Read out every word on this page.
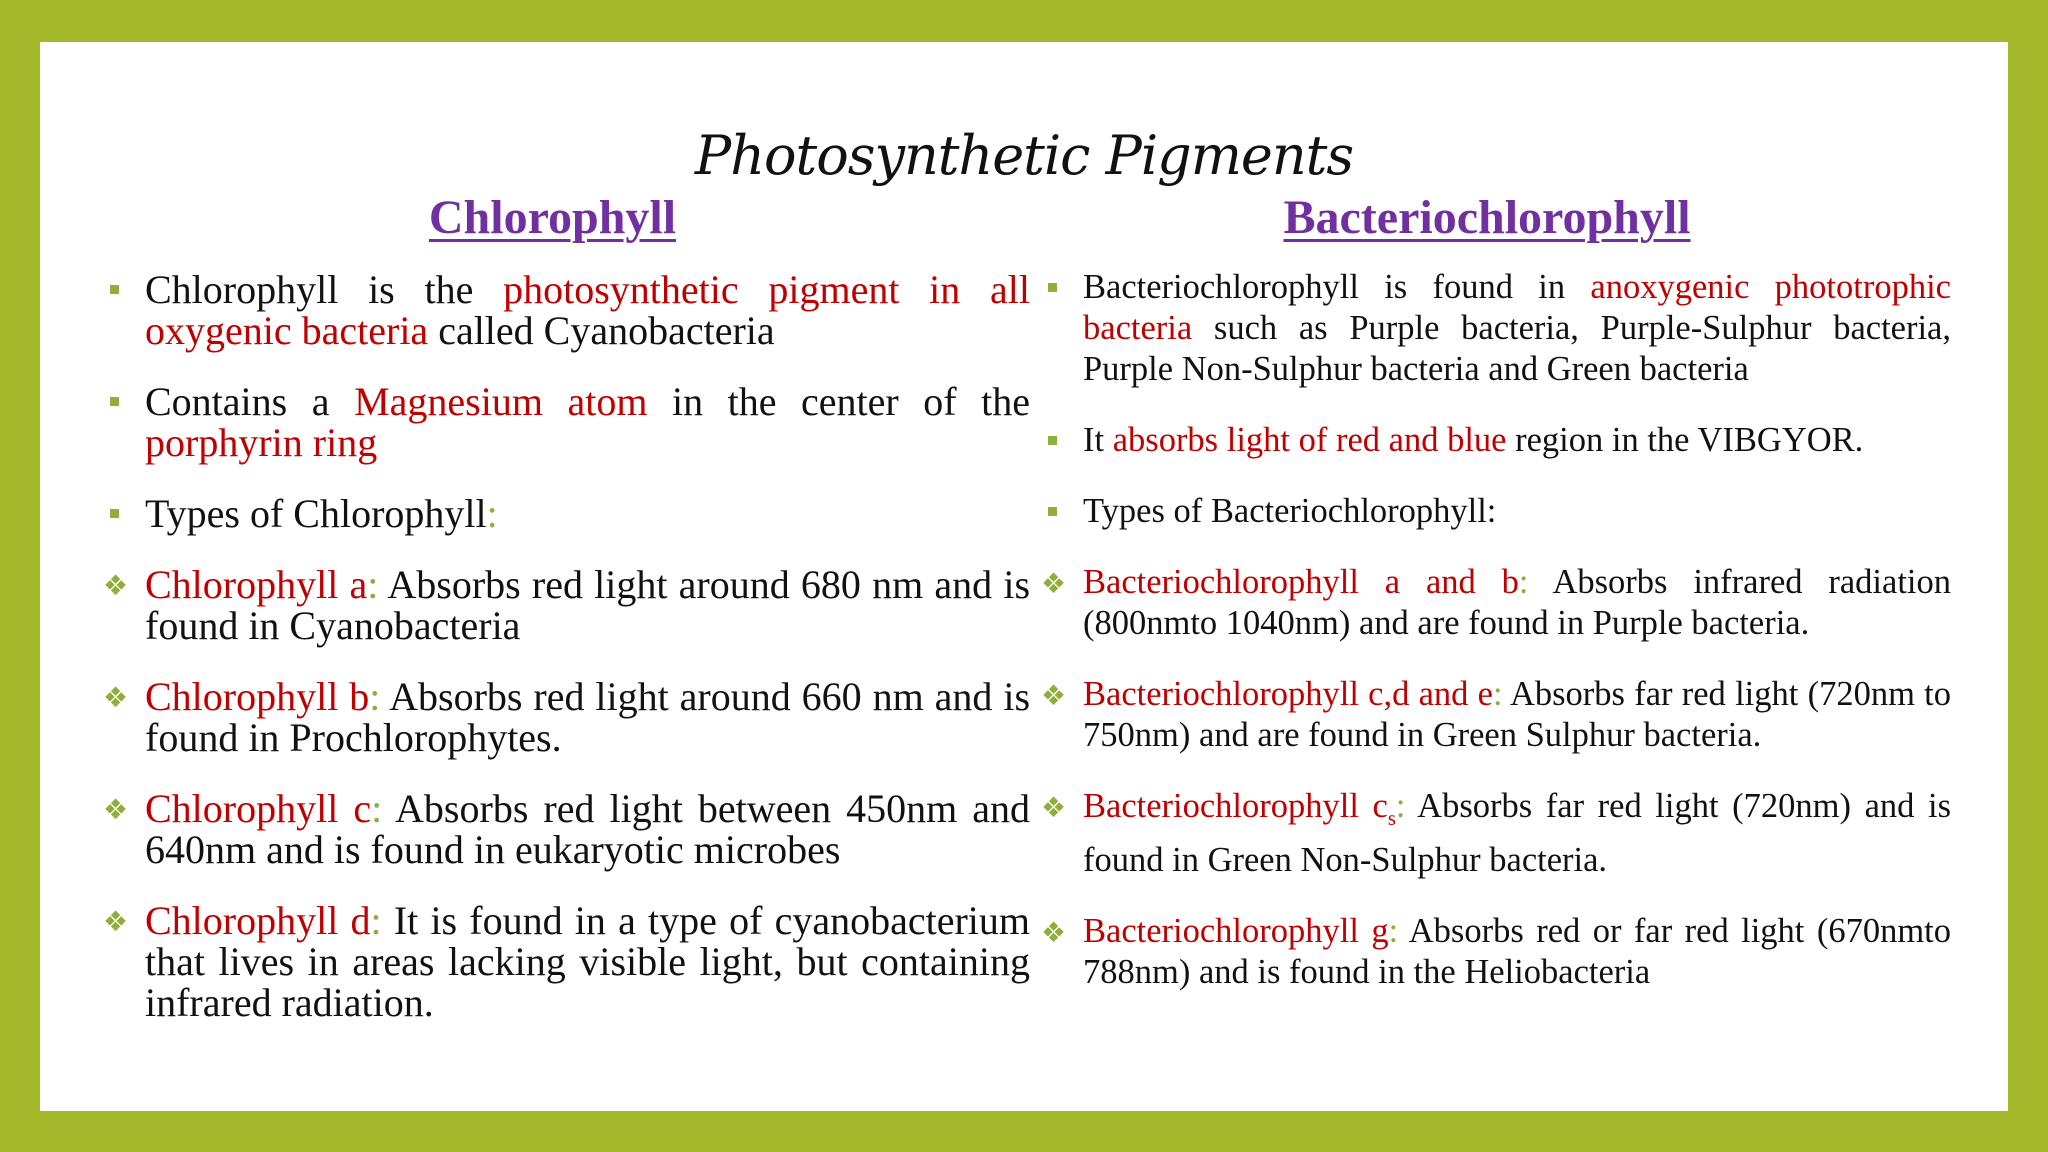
Photosynthetic Pigments
Chlorophyll
Chlorophyll is the photosynthetic pigment in all oxygenic bacteria called Cyanobacteria
Contains a Magnesium atom in the center of the porphyrin ring
Types of Chlorophyll:
❖ Chlorophyll a: Absorbs red light around 680 nm and is found in Cyanobacteria
❖ Chlorophyll b: Absorbs red light around 660 nm and is found in Prochlorophytes.
❖ Chlorophyll c: Absorbs red light between 450nm and 640nm and is found in eukaryotic microbes
❖ Chlorophyll d: It is found in a type of cyanobacterium that lives in areas lacking visible light, but containing infrared radiation.
Bacteriochlorophyll
Bacteriochlorophyll is found in anoxygenic phototrophic bacteria such as Purple bacteria, Purple-Sulphur bacteria, Purple Non-Sulphur bacteria and Green bacteria
It absorbs light of red and blue region in the VIBGYOR.
Types of Bacteriochlorophyll:
❖ Bacteriochlorophyll a and b: Absorbs infrared radiation (800nmto 1040nm) and are found in Purple bacteria.
❖ Bacteriochlorophyll c,d and e: Absorbs far red light (720nm to 750nm) and are found in Green Sulphur bacteria.
❖ Bacteriochlorophyll $c_s$: Absorbs far red light (720nm) and is found in Green Non-Sulphur bacteria.
❖ Bacteriochlorophyll g: Absorbs red or far red light (670nmto 788nm) and is found in the Heliobacteria
